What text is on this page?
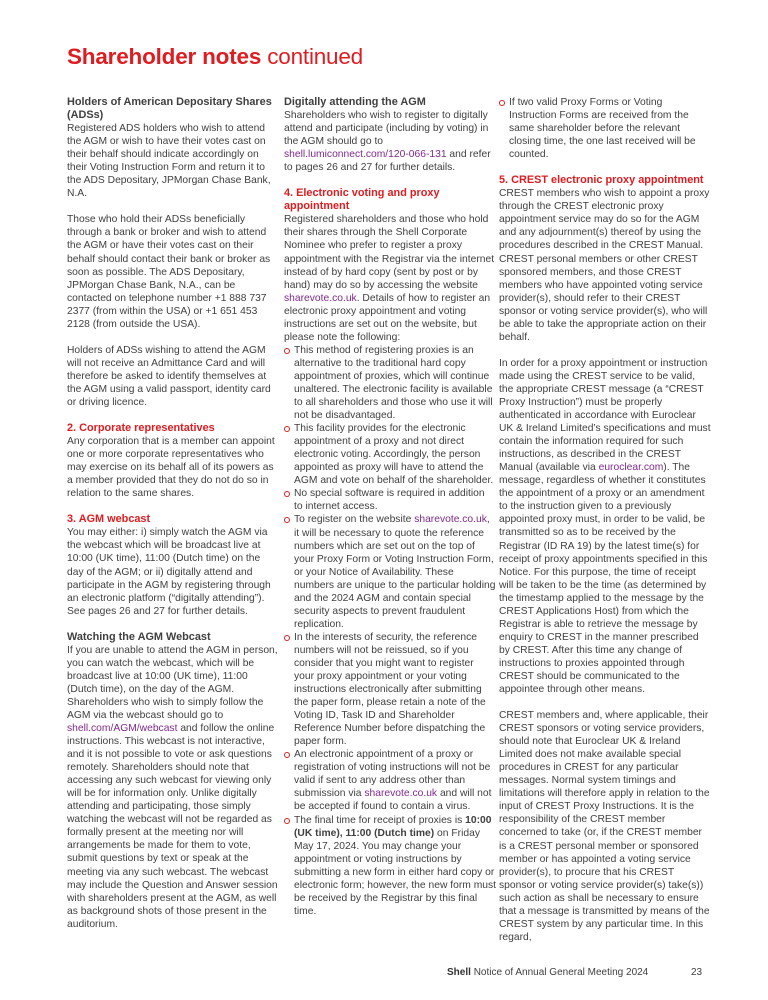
Shareholder notes continued
Holders of American Depositary Shares (ADSs)

Registered ADS holders who wish to attend the AGM or wish to have their votes cast on their behalf should indicate accordingly on their Voting Instruction Form and return it to the ADS Depositary, JPMorgan Chase Bank, N.A.

Those who hold their ADSs beneficially through a bank or broker and wish to attend the AGM or have their votes cast on their behalf should contact their bank or broker as soon as possible. The ADS Depositary, JPMorgan Chase Bank, N.A., can be contacted on telephone number +1 888 737 2377 (from within the USA) or +1 651 453 2128 (from outside the USA).

Holders of ADSs wishing to attend the AGM will not receive an Admittance Card and will therefore be asked to identify themselves at the AGM using a valid passport, identity card or driving licence.

2. Corporate representatives

Any corporation that is a member can appoint one or more corporate representatives who may exercise on its behalf all of its powers as a member provided that they do not do so in relation to the same shares.

3. AGM webcast

You may either: i) simply watch the AGM via the webcast which will be broadcast live at 10:00 (UK time), 11:00 (Dutch time) on the day of the AGM; or ii) digitally attend and participate in the AGM by registering through an electronic platform (“digitally attending”). See pages 26 and 27 for further details.

Watching the AGM Webcast

If you are unable to attend the AGM in person, you can watch the webcast, which will be broadcast live at 10:00 (UK time), 11:00 (Dutch time), on the day of the AGM. Shareholders who wish to simply follow the AGM via the webcast should go to shell.com/AGM/webcast and follow the online instructions. This webcast is not interactive, and it is not possible to vote or ask questions remotely. Shareholders should note that accessing any such webcast for viewing only will be for information only. Unlike digitally attending and participating, those simply watching the webcast will not be regarded as formally present at the meeting nor will arrangements be made for them to vote, submit questions by text or speak at the meeting via any such webcast. The webcast may include the Question and Answer session with shareholders present at the AGM, as well as background shots of those present in the auditorium.

Digitally attending the AGM

Shareholders who wish to register to digitally attend and participate (including by voting) in the AGM should go to shell.lumiconnect.com/120-066-131 and refer to pages 26 and 27 for further details.

4. Electronic voting and proxy appointment
Registered shareholders and those who hold their shares through the Shell Corporate Nominee who prefer to register a proxy appointment with the Registrar via the internet instead of by hard copy (sent by post or by hand) may do so by accessing the website sharevote.co.uk. Details of how to register an electronic proxy appointment and voting instructions are set out on the website, but please note the following:
This method of registering proxies is an alternative to the traditional hard copy appointment of proxies, which will continue unaltered. The electronic facility is available to all shareholders and those who use it will not be disadvantaged.
This facility provides for the electronic appointment of a proxy and not direct electronic voting. Accordingly, the person appointed as proxy will have to attend the AGM and vote on behalf of the shareholder.
No special software is required in addition to internet access.
To register on the website sharevote.co.uk, it will be necessary to quote the reference numbers which are set out on the top of your Proxy Form or Voting Instruction Form, or your Notice of Availability. These numbers are unique to the particular holding and the 2024 AGM and contain special security aspects to prevent fraudulent replication.
In the interests of security, the reference numbers will not be reissued, so if you consider that you might want to register your proxy appointment or your voting instructions electronically after submitting the paper form, please retain a note of the Voting ID, Task ID and Shareholder Reference Number before dispatching the paper form.
An electronic appointment of a proxy or registration of voting instructions will not be valid if sent to any address other than submission via sharevote.co.uk and will not be accepted if found to contain a virus.
The final time for receipt of proxies is 10:00 (UK time), 11:00 (Dutch time) on Friday May 17, 2024. You may change your appointment or voting instructions by submitting a new form in either hard copy or electronic form; however, the new form must be received by the Registrar by this final time.
If two valid Proxy Forms or Voting Instruction Forms are received from the same shareholder before the relevant closing time, the one last received will be counted.
5. CREST electronic proxy appointment

CREST members who wish to appoint a proxy through the CREST electronic proxy appointment service may do so for the AGM and any adjournment(s) thereof by using the procedures described in the CREST Manual. CREST personal members or other CREST sponsored members, and those CREST members who have appointed voting service provider(s), should refer to their CREST sponsor or voting service provider(s), who will be able to take the appropriate action on their behalf.

In order for a proxy appointment or instruction made using the CREST service to be valid, the appropriate CREST message (a “CREST Proxy Instruction”) must be properly authenticated in accordance with Euroclear UK & Ireland Limited’s specifications and must contain the information required for such instructions, as described in the CREST Manual (available via euroclear.com). The message, regardless of whether it constitutes the appointment of a proxy or an amendment to the instruction given to a previously appointed proxy must, in order to be valid, be transmitted so as to be received by the Registrar (ID RA 19) by the latest time(s) for receipt of proxy appointments specified in this Notice. For this purpose, the time of receipt will be taken to be the time (as determined by the timestamp applied to the message by the CREST Applications Host) from which the Registrar is able to retrieve the message by enquiry to CREST in the manner prescribed by CREST. After this time any change of instructions to proxies appointed through CREST should be communicated to the appointee through other means.

CREST members and, where applicable, their CREST sponsors or voting service providers, should note that Euroclear UK & Ireland Limited does not make available special procedures in CREST for any particular messages. Normal system timings and limitations will therefore apply in relation to the input of CREST Proxy Instructions. It is the responsibility of the CREST member concerned to take (or, if the CREST member is a CREST personal member or sponsored member or has appointed a voting service provider(s), to procure that his CREST sponsor or voting service provider(s) take(s)) such action as shall be necessary to ensure that a message is transmitted by means of the CREST system by any particular time. In this regard,

Shell Notice of Annual General Meeting 2024	23
